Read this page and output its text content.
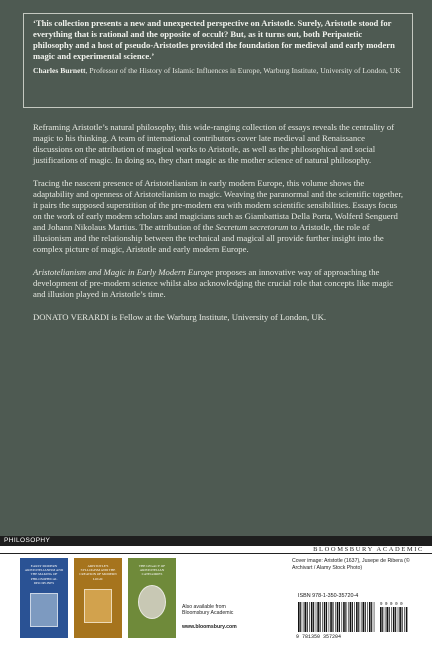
‘This collection presents a new and unexpected perspective on Aristotle. Surely, Aristotle stood for everything that is rational and the opposite of occult? But, as it turns out, both Peripatetic philosophy and a host of pseudo-Aristotles provided the foundation for medieval and early modern magic and experimental science.’
Charles Burnett, Professor of the History of Islamic Influences in Europe, Warburg Institute, University of London, UK

Reframing Aristotle’s natural philosophy, this wide-ranging collection of essays reveals the centrality of magic to his thinking. A team of international contributors cover late medieval and Renaissance discussions on the attribution of magical works to Aristotle, as well as the philosophical and social justifications of magic. In doing so, they chart magic as the mother science of natural philosophy.

Tracing the nascent presence of Aristotelianism in early modern Europe, this volume shows the adaptability and openness of Aristotelianism to magic. Weaving the paranormal and the scientific together, it pairs the supposed superstition of the pre-modern era with modern scientific sensibilities. Essays focus on the work of early modern scholars and magicians such as Giambattista Della Porta, Wolferd Senguerd and Johann Nikolaus Martius. The attribution of the Secretum secretorum to Aristotle, the role of illusionism and the relationship between the technical and magical all provide further insight into the complex picture of magic, Aristotle and early modern Europe.

Aristotelianism and Magic in Early Modern Europe proposes an innovative way of approaching the development of pre-modern science whilst also acknowledging the crucial role that concepts like magic and illusion played in Aristotle’s time.

DONATO VERARDI is Fellow at the Warburg Institute, University of London, UK.

PHILOSOPHY
BLOOMSBURY ACADEMIC
EARLY MODERN ARISTOTELIANISM AND THE MAKING OF PHILOSOPHICAL DISCIPLINES
ARISTOTLE'S SYLLOGISM AND THE CREATION OF MODERN LOGIC
THE LEGACY OF ARISTOTELIAN CATEGORIES
Also available from Bloomsbury Academic
www.bloomsbury.com
Cover image: Aristotle (1637), Jusepe de Ribera (© Archivart / Alamy Stock Photo)
ISBN 978-1-350-35720-4
9 781350 357204
9 0 0 0 0
